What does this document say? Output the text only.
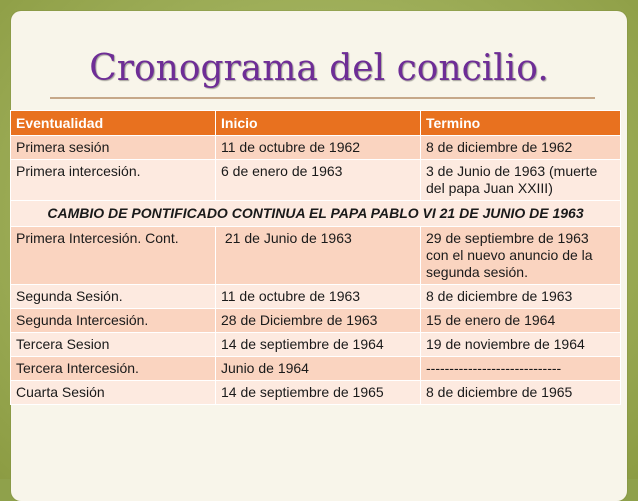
Cronograma del concilio.
Eventualidad	Inicio	Termino
Primera sesión	11 de octubre de 1962	8 de diciembre de 1962
Primera intercesión.	6 de enero de 1963	3 de Junio de 1963 (muerte del papa Juan XXIII)
CAMBIO DE PONTIFICADO CONTINUA EL PAPA PABLO VI 21 DE JUNIO DE 1963		
Primera Intercesión. Cont.	21 de Junio de 1963	29 de septiembre de 1963 con el nuevo anuncio de la segunda sesión.
Segunda Sesión.	11 de octubre de 1963	8 de diciembre de 1963
Segunda Intercesión.	28 de Diciembre de 1963	15 de enero de 1964
Tercera Sesion	14 de septiembre de 1964	19 de noviembre de 1964
Tercera Intercesión.	Junio de 1964	-----------------------------
Cuarta Sesión	14 de septiembre de 1965	8 de diciembre de 1965
